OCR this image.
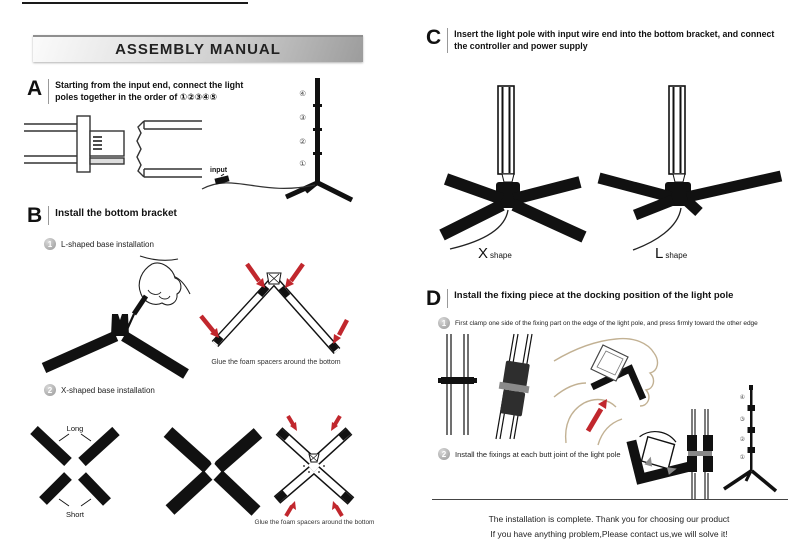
ASSEMBLY MANUAL
A Starting from the input end, connect the light poles together in the order of ①②③④⑤	④
③
②
①
input
B Install the bottom bracket
1	L-shaped base installation
Glue the foam spacers around the bottom
2	X-shaped base installation
Long
Short
Glue the foam spacers around the bottom
C Insert the light pole with input wire end into the bottom bracket, and connect the controller and power supply
X shape	L shape
D Install the fixing piece at the docking position of the light pole
1	First clamp one side of the fixing part on the edge of the light pole, and press firmly toward the other edge
2	Install the fixings at each butt joint of the light pole
④
③
②
①
The installation is complete. Thank you for choosing our product
If you have anything problem,Please contact us,we will solve it!
